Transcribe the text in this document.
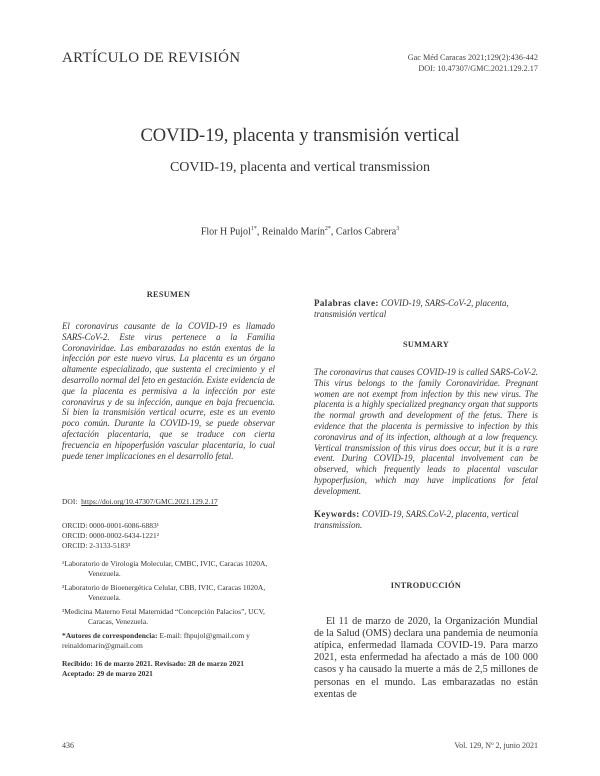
ARTÍCULO DE REVISIÓN	Gac Méd Caracas 2021;129(2):436-442
DOI: 10.47307/GMC.2021.129.2.17
COVID-19, placenta y transmisión vertical
COVID-19, placenta and vertical transmission
Flor H Pujol$^{1*}$, Reinaldo Marín$^{2*}$, Carlos Cabrera$^3$
RESUMEN

El coronavirus causante de la COVID-19 es llamado SARS-CoV-2. Este virus pertenece a la Familia Coronaviridae. Las embarazadas no están exentas de la infección por este nuevo virus. La placenta es un órgano altamente especializado, que sustenta el crecimiento y el desarrollo normal del feto en gestación. Existe evidencia de que la placenta es permisiva a la infección por este coronavirus y de su infección, aunque en baja frecuencia. Si bien la transmisión vertical ocurre, este es un evento poco común. Durante la COVID-19, se puede observar afectación placentaria, que se traduce con cierta frecuencia en hipoperfusión vascular placentaria, lo cual puede tener implicaciones en el desarrollo fetal.

DOI: https://doi.org/10.47307/GMC.2021.129.2.17
ORCID: 0000-0001-6086-6883¹
ORCID: 0000-0002-6434-1221²
ORCID: 2-3133-5183³

¹Laboratorio de Virología Molecular, CMBC, IVIC, Caracas 1020A, Venezuela.

²Laboratorio de Bioenergética Celular, CBB, IVIC, Caracas 1020A, Venezuela.

³Medicina Materno Fetal Maternidad “Concepción Palacios”, UCV, Caracas, Venezuela.

*Autores de correspondencia: E-mail: fhpujol@gmail.com y reinaldomarin@gmail.com
Recibido: 16 de marzo 2021. Revisado: 28 de marzo 2021 Aceptado: 29 de marzo 2021

Palabras clave: COVID-19, SARS-CoV-2, placenta, transmisión vertical

SUMMARY

The coronavirus that causes COVID-19 is called SARS-CoV-2. This virus belongs to the family Coronaviridae. Pregnant women are not exempt from infection by this new virus. The placenta is a highly specialized pregnancy organ that supports the normal growth and development of the fetus. There is evidence that the placenta is permissive to infection by this coronavirus and of its infection, although at a low frequency. Vertical transmission of this virus does occur, but it is a rare event. During COVID-19, placental involvement can be observed, which frequently leads to placental vascular hypoperfusion, which may have implications for fetal development.

Keywords: COVID-19, SARS.CoV-2, placenta, vertical transmission.

INTRODUCCIÓN

El 11 de marzo de 2020, la Organización Mundial de la Salud (OMS) declara una pandemia de neumonía atípica, enfermedad llamada COVID-19. Para marzo 2021, esta enfermedad ha afectado a más de 100 000 casos y ha causado la muerte a más de 2,5 millones de personas en el mundo. Las embarazadas no están exentas de

436	Vol. 129, Nº 2, junio 2021
